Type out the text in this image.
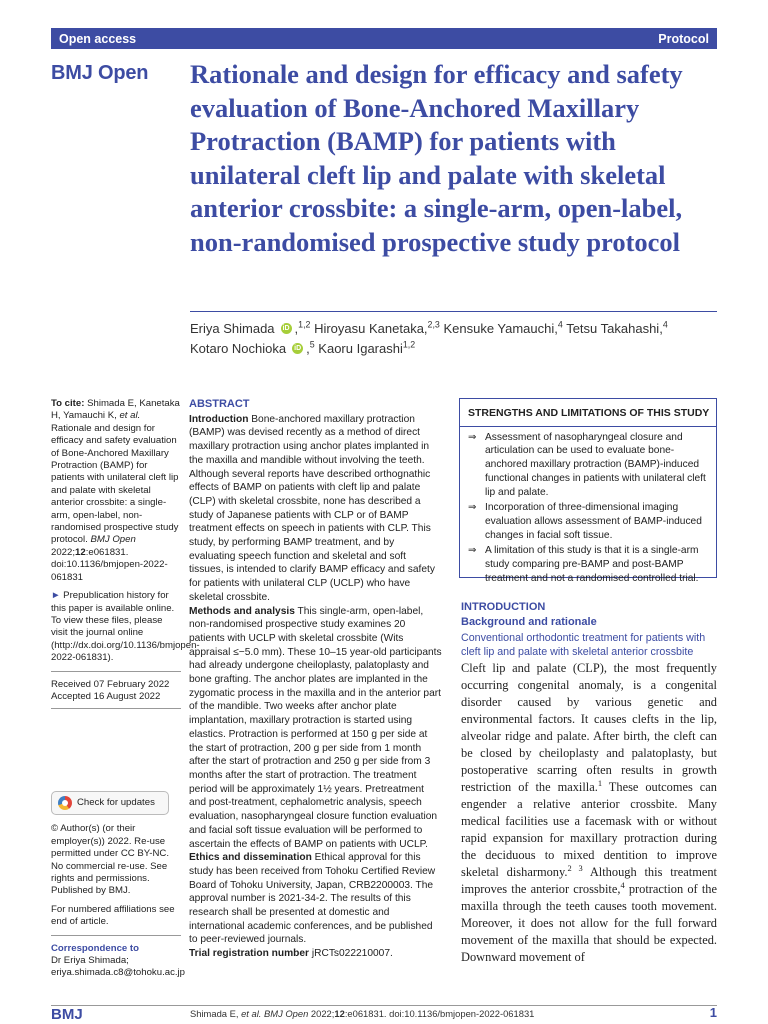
Open access	Protocol
BMJ Open Rationale and design for efficacy and safety evaluation of Bone-Anchored Maxillary Protraction (BAMP) for patients with unilateral cleft lip and palate with skeletal anterior crossbite: a single-arm, open-label, non-randomised prospective study protocol
Eriya Shimada iD ,$^{1,2}$ Hiroyasu Kanetaka,$^{2,3}$ Kensuke Yamauchi,$^4$ Tetsu Takahashi,$^4$
Kotaro Nochioka iD ,$^5$ Kaoru Igarashi$^{1,2}$

To cite: Shimada E, Kanetaka H, Yamauchi K, et al. Rationale and design for efficacy and safety evaluation of Bone-Anchored Maxillary Protraction (BAMP) for patients with unilateral cleft lip and palate with skeletal anterior crossbite: a single-arm, open-label, non-randomised prospective study protocol. BMJ Open 2022;12:e061831. doi:10.1136/bmjopen-2022-061831

► Prepublication history for this paper is available online. To view these files, please visit the journal online (http://dx.doi.org/10.1136/bmjopen-2022-061831).

Received 07 February 2022
Accepted 16 August 2022
Check for updates

© Author(s) (or their employer(s)) 2022. Re-use permitted under CC BY-NC. No commercial re-use. See rights and permissions. Published by BMJ.

For numbered affiliations see end of article.

Correspondence to
Dr Eriya Shimada;
eriya.shimada.c8@tohoku.ac.jp
ABSTRACT

Introduction Bone-anchored maxillary protraction (BAMP) was devised recently as a method of direct maxillary protraction using anchor plates implanted in the maxilla and mandible without involving the teeth. Although several reports have described orthognathic effects of BAMP on patients with cleft lip and palate (CLP) with skeletal crossbite, none has described a study of Japanese patients with CLP or of BAMP treatment effects on speech in patients with CLP. This study, by performing BAMP treatment, and by evaluating speech function and skeletal and soft tissues, is intended to clarify BAMP efficacy and safety for patients with unilateral CLP (UCLP) who have skeletal crossbite.

Methods and analysis This single-arm, open-label, non-randomised prospective study examines 20 patients with UCLP with skeletal crossbite (Wits appraisal ≤−5.0 mm). These 10–15 year-old participants had already undergone cheiloplasty, palatoplasty and bone grafting. The anchor plates are implanted in the zygomatic process in the maxilla and in the anterior part of the mandible. Two weeks after anchor plate implantation, maxillary protraction is started using elastics. Protraction is performed at 150 g per side at the start of protraction, 200 g per side from 1 month after the start of protraction and 250 g per side from 3 months after the start of protraction. The treatment period will be approximately 1½ years. Pretreatment and post-treatment, cephalometric analysis, speech evaluation, nasopharyngeal closure function evaluation and facial soft tissue evaluation will be performed to ascertain the effects of BAMP on patients with UCLP.

Ethics and dissemination Ethical approval for this study has been received from Tohoku Certified Review Board of Tohoku University, Japan, CRB2200003. The approval number is 2021-34-2. The results of this research shall be presented at domestic and international academic conferences, and be published to peer-reviewed journals.

Trial registration number jRCTs022210007.

STRENGTHS AND LIMITATIONS OF THIS STUDY
⇒ Assessment of nasopharyngeal closure and articulation can be used to evaluate bone-anchored maxillary protraction (BAMP)-induced functional changes in patients with unilateral cleft lip and palate.
⇒ Incorporation of three-dimensional imaging evaluation allows assessment of BAMP-induced changes in facial soft tissue.
⇒ A limitation of this study is that it is a single-arm study comparing pre-BAMP and post-BAMP treatment and not a randomised controlled trial.
INTRODUCTION
Background and rationale
Conventional orthodontic treatment for patients with cleft lip and palate with skeletal anterior crossbite

Cleft lip and palate (CLP), the most frequently occurring congenital anomaly, is a congenital disorder caused by various genetic and environmental factors. It causes clefts in the lip, alveolar ridge and palate. After birth, the cleft can be closed by cheiloplasty and palatoplasty, but postoperative scarring often results in growth restriction of the maxilla.$^1$ These outcomes can engender a relative anterior crossbite. Many medical facilities use a facemask with or without rapid expansion for maxillary protraction during the deciduous to mixed dentition to improve skeletal disharmony.$^{2 3}$ Although this treatment improves the anterior crossbite,$^4$ protraction of the maxilla through the teeth causes tooth movement. Moreover, it does not allow for the full forward movement of the maxilla that should be expected. Downward movement of

BMJ	Shimada E, et al. BMJ Open 2022;12:e061831. doi:10.1136/bmjopen-2022-061831	1
